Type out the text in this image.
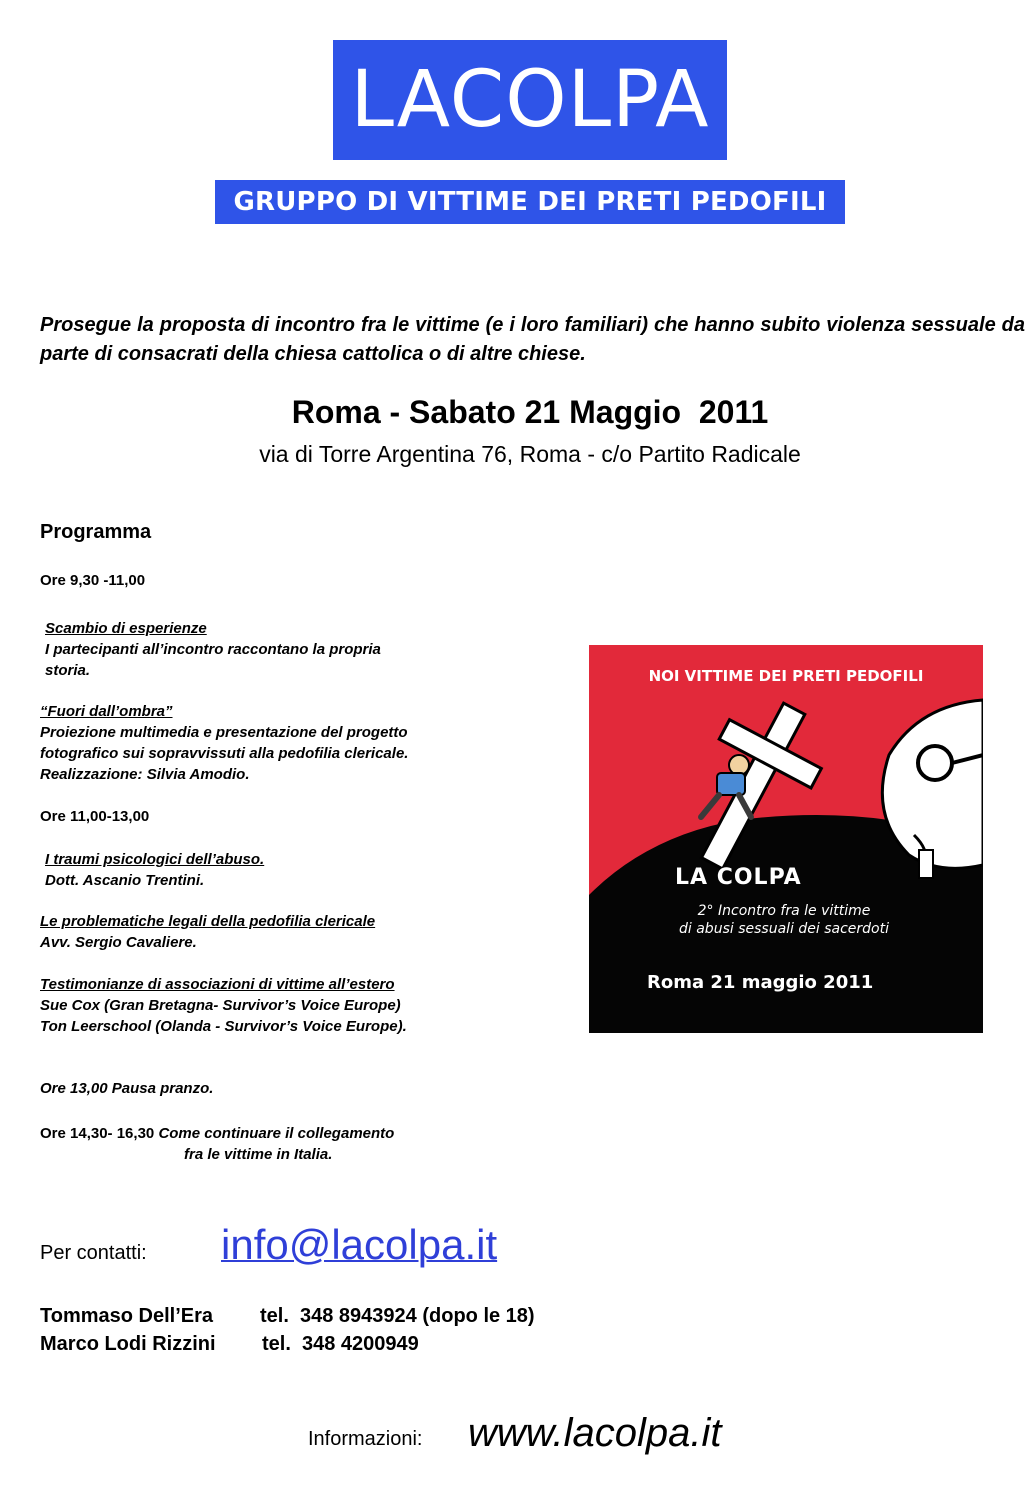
LACOLPA
GRUPPO DI VITTIME DEI PRETI PEDOFILI
Prosegue la proposta di incontro fra le vittime (e i loro familiari) che hanno subito violenza sessuale da parte di consacrati della chiesa cattolica o di altre chiese.
Roma - Sabato 21 Maggio  2011
via di Torre Argentina 76, Roma - c/o Partito Radicale
Programma
Ore 9,30 -11,00
Scambio di esperienze
I partecipanti all’incontro raccontano la propria
storia.
“Fuori dall’ombra”
Proiezione multimedia e presentazione del progetto
fotografico sui sopravvissuti alla pedofilia clericale.
Realizzazione: Silvia Amodio.
Ore 11,00-13,00
I traumi psicologici dell’abuso.
Dott. Ascanio Trentini.
Le problematiche legali della pedofilia clericale
Avv. Sergio Cavaliere.
Testimonianze di associazioni di vittime all’estero
Sue Cox (Gran Bretagna- Survivor’s Voice Europe)
Ton Leerschool (Olanda - Survivor’s Voice Europe).
Ore 13,00 Pausa pranzo.
Ore 14,30- 16,30 Come continuare il collegamento
fra le vittime in Italia.
NOI VITTIME DEI PRETI PEDOFILI
LA COLPA
2° Incontro fra le vittime
di abusi sessuali dei sacerdoti
Roma 21 maggio 2011
Per contatti: info@lacolpa.it
Tommaso Dell’Era tel.  348 8943924 (dopo le 18)
Marco Lodi Rizzini tel.  348 4200949
Informazioni: www.lacolpa.it
